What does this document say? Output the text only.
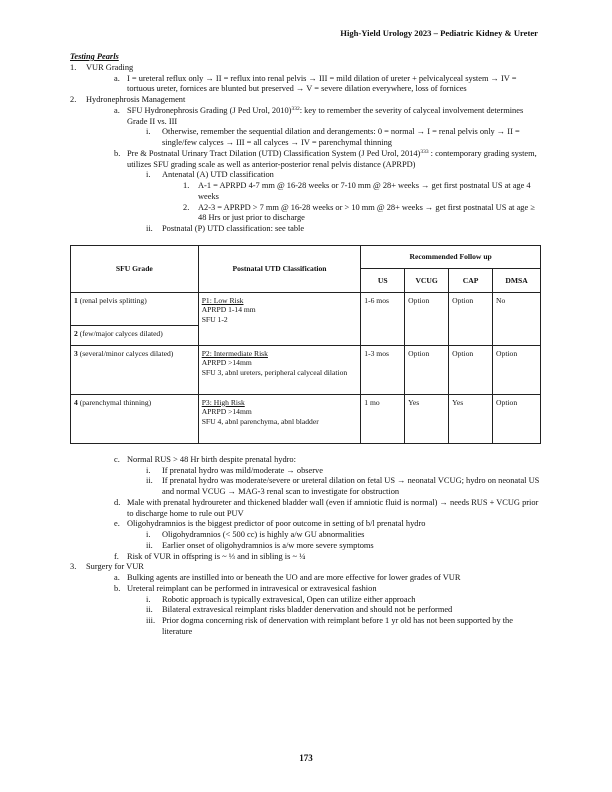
High-Yield Urology 2023 – Pediatric Kidney & Ureter
Testing Pearls
1. VUR Grading
a. I = ureteral reflux only → II = reflux into renal pelvis → III = mild dilation of ureter + pelvicalyceal system → IV = tortuous ureter, fornices are blunted but preserved → V = severe dilation everywhere, loss of fornices
2. Hydronephrosis Management
a. SFU Hydronephrosis Grading (J Ped Urol, 2010)$^{332}$: key to remember the severity of calyceal involvement determines Grade II vs. III
i. Otherwise, remember the sequential dilation and derangements: 0 = normal → I = renal pelvis only → II = single/few calyces → III = all calyces → IV = parenchymal thinning
b. Pre & Postnatal Urinary Tract Dilation (UTD) Classification System (J Ped Urol, 2014)$^{333}$ : contemporary grading system, utilizes SFU grading scale as well as anterior-posterior renal pelvis distance (APRPD)
i. Antenatal (A) UTD classification
1. A-1 = APRPD 4-7 mm @ 16-28 weeks or 7-10 mm @ 28+ weeks → get first postnatal US at age 4 weeks
2. A2-3 = APRPD > 7 mm @ 16-28 weeks or > 10 mm @ 28+ weeks → get first postnatal US at age ≥ 48 Hrs or just prior to discharge
ii. Postnatal (P) UTD classification: see table
SFU Grade	Postnatal UTD Classification	Recommended Follow up			
		US	VCUG	CAP	DMSA
1 (renal pelvis splitting)	P1: Low Risk
APRPD 1-14 mm
SFU 1-2	1-6 mos	Option	Option	No
2 (few/major calyces dilated)					
3 (several/minor calyces dilated)	P2: Intermediate Risk
APRPD >14mm
SFU 3, abnl ureters, peripheral calyceal dilation	1-3 mos	Option	Option	Option
4 (parenchymal thinning)	P3: High Risk
APRPD >14mm
SFU 4, abnl parenchyma, abnl bladder	1 mo	Yes	Yes	Option
c. Normal RUS > 48 Hr birth despite prenatal hydro:
i. If prenatal hydro was mild/moderate → observe
ii. If prenatal hydro was moderate/severe or ureteral dilation on fetal US → neonatal VCUG; hydro on neonatal US and normal VCUG → MAG-3 renal scan to investigate for obstruction
d. Male with prenatal hydroureter and thickened bladder wall (even if amniotic fluid is normal) → needs RUS + VCUG prior to discharge home to rule out PUV
e. Oligohydramnios is the biggest predictor of poor outcome in setting of b/l prenatal hydro
i. Oligohydramnios (< 500 cc) is highly a/w GU abnormalities
ii. Earlier onset of oligohydramnios is a/w more severe symptoms
f. Risk of VUR in offspring is ~ ⅓ and in sibling is ~ ¼
3. Surgery for VUR
a. Bulking agents are instilled into or beneath the UO and are more effective for lower grades of VUR
b. Ureteral reimplant can be performed in intravesical or extravesical fashion
i. Robotic approach is typically extravesical, Open can utilize either approach
ii. Bilateral extravesical reimplant risks bladder denervation and should not be performed
iii. Prior dogma concerning risk of denervation with reimplant before 1 yr old has not been supported by the literature
173
